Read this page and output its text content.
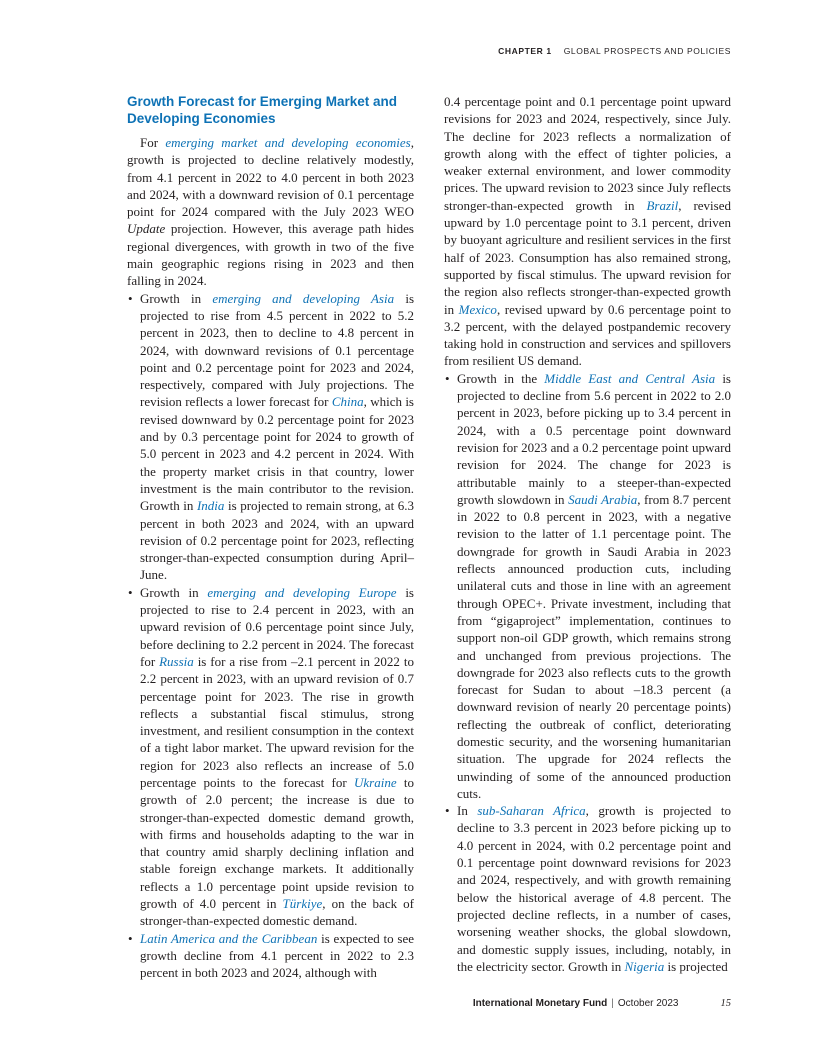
CHAPTER 1 GLOBAL PROSPECTS AND POLICIES
Growth Forecast for Emerging Market and Developing Economies
For emerging market and developing economies, growth is projected to decline relatively modestly, from 4.1 percent in 2022 to 4.0 percent in both 2023 and 2024, with a downward revision of 0.1 percentage point for 2024 compared with the July 2023 WEO Update projection. However, this average path hides regional divergences, with growth in two of the five main geographic regions rising in 2023 and then falling in 2024.
• Growth in emerging and developing Asia is projected to rise from 4.5 percent in 2022 to 5.2 percent in 2023, then to decline to 4.8 percent in 2024, with downward revisions of 0.1 percentage point and 0.2 percentage point for 2023 and 2024, respectively, compared with July projections. The revision reflects a lower forecast for China, which is revised downward by 0.2 percentage point for 2023 and by 0.3 percentage point for 2024 to growth of 5.0 percent in 2023 and 4.2 percent in 2024. With the property market crisis in that country, lower investment is the main contributor to the revision. Growth in India is projected to remain strong, at 6.3 percent in both 2023 and 2024, with an upward revision of 0.2 percentage point for 2023, reflecting stronger-than-expected consumption during April–June.
• Growth in emerging and developing Europe is projected to rise to 2.4 percent in 2023, with an upward revision of 0.6 percentage point since July, before declining to 2.2 percent in 2024. The forecast for Russia is for a rise from –2.1 percent in 2022 to 2.2 percent in 2023, with an upward revision of 0.7 percentage point for 2023. The rise in growth reflects a substantial fiscal stimulus, strong investment, and resilient consumption in the context of a tight labor market. The upward revision for the region for 2023 also reflects an increase of 5.0 percentage points to the forecast for Ukraine to growth of 2.0 percent; the increase is due to stronger-than-expected domestic demand growth, with firms and households adapting to the war in that country amid sharply declining inflation and stable foreign exchange markets. It additionally reflects a 1.0 percentage point upside revision to growth of 4.0 percent in Türkiye, on the back of stronger-than-expected domestic demand.
• Latin America and the Caribbean is expected to see growth decline from 4.1 percent in 2022 to 2.3 percent in both 2023 and 2024, although with
0.4 percentage point and 0.1 percentage point upward revisions for 2023 and 2024, respectively, since July. The decline for 2023 reflects a normalization of growth along with the effect of tighter policies, a weaker external environment, and lower commodity prices. The upward revision to 2023 since July reflects stronger-than-expected growth in Brazil, revised upward by 1.0 percentage point to 3.1 percent, driven by buoyant agriculture and resilient services in the first half of 2023. Consumption has also remained strong, supported by fiscal stimulus. The upward revision for the region also reflects stronger-than-expected growth in Mexico, revised upward by 0.6 percentage point to 3.2 percent, with the delayed postpandemic recovery taking hold in construction and services and spillovers from resilient US demand.
• Growth in the Middle East and Central Asia is projected to decline from 5.6 percent in 2022 to 2.0 percent in 2023, before picking up to 3.4 percent in 2024, with a 0.5 percentage point downward revision for 2023 and a 0.2 percentage point upward revision for 2024. The change for 2023 is attributable mainly to a steeper-than-expected growth slowdown in Saudi Arabia, from 8.7 percent in 2022 to 0.8 percent in 2023, with a negative revision to the latter of 1.1 percentage point. The downgrade for growth in Saudi Arabia in 2023 reflects announced production cuts, including unilateral cuts and those in line with an agreement through OPEC+. Private investment, including that from “gigaproject” implementation, continues to support non-oil GDP growth, which remains strong and unchanged from previous projections. The downgrade for 2023 also reflects cuts to the growth forecast for Sudan to about –18.3 percent (a downward revision of nearly 20 percentage points) reflecting the outbreak of conflict, deteriorating domestic security, and the worsening humanitarian situation. The upgrade for 2024 reflects the unwinding of some of the announced production cuts.
• In sub-Saharan Africa, growth is projected to decline to 3.3 percent in 2023 before picking up to 4.0 percent in 2024, with 0.2 percentage point and 0.1 percentage point downward revisions for 2023 and 2024, respectively, and with growth remaining below the historical average of 4.8 percent. The projected decline reflects, in a number of cases, worsening weather shocks, the global slowdown, and domestic supply issues, including, notably, in the electricity sector. Growth in Nigeria is projected
International Monetary Fund | October 2023	15
